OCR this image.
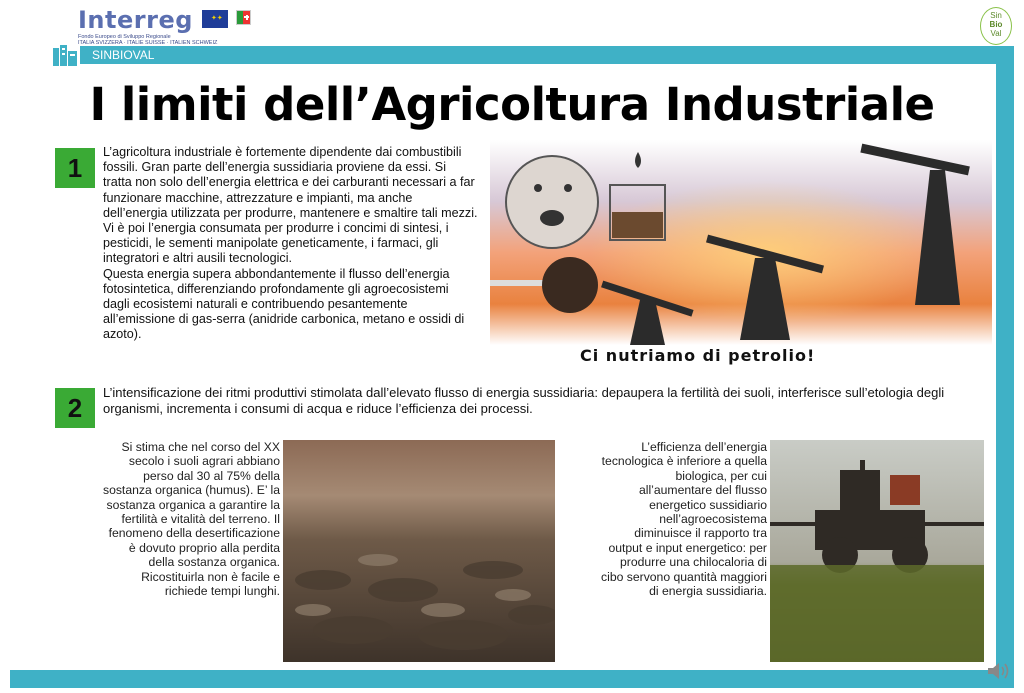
Interreg
Fondo Europeo di Sviluppo Regionale
ITALIA SVIZZERA · ITALIE SUISSE · ITALIEN SCHWEIZ
✦✦	Sin
Bio
Val
SINBIOVAL
I limiti dell’Agricoltura Industriale
1

L’agricoltura industriale è fortemente dipendente dai combustibili fossili. Gran parte dell’energia sussidiaria proviene da essi. Si tratta non solo dell’energia elettrica e dei carburanti necessari a far funzionare macchine, attrezzature e impianti, ma anche dell’energia utilizzata per produrre, mantenere e smaltire tali mezzi.

Vi è poi l’energia consumata per produrre i concimi di sintesi, i pesticidi, le sementi manipolate geneticamente, i farmaci, gli integratori e altri ausili tecnologici.

Questa energia supera abbondantemente il flusso dell’energia fotosintetica, differenziando profondamente gli agroecosistemi dagli ecosistemi naturali e contribuendo pesantemente all’emissione di gas-serra (anidride carbonica, metano e ossidi di azoto).

Ci nutriamo di petrolio!
2	L’intensificazione dei ritmi produttivi stimolata dall’elevato flusso di energia sussidiaria: depaupera la fertilità dei suoli, interferisce sull’etologia degli organismi, incrementa i consumi di acqua e riduce l’efficienza dei processi.
Si stima che nel corso del XX secolo i suoli agrari abbiano perso dal 30 al 75% della sostanza organica (humus). E’ la sostanza organica a garantire la fertilità e vitalità del terreno. Il fenomeno della desertificazione è dovuto proprio alla perdita della sostanza organica. Ricostituirla non è facile e richiede tempi lunghi.
L’efficienza dell’energia tecnologica è inferiore a quella biologica, per cui all’aumentare del flusso energetico sussidiario nell’agroecosistema diminuisce il rapporto tra output e input energetico: per produrre una chilocaloria di cibo servono quantità maggiori di energia sussidiaria.
